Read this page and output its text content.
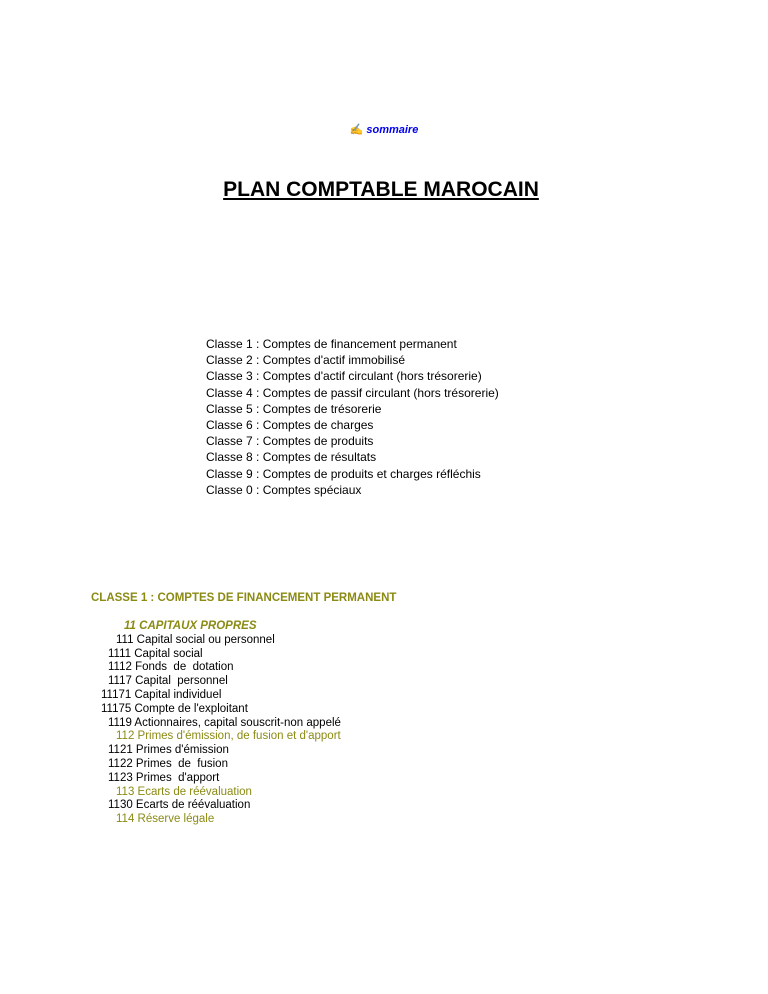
✍ sommaire
PLAN COMPTABLE MAROCAIN
Classe 1 : Comptes de financement permanent
Classe 2 : Comptes d'actif immobilisé
Classe 3 : Comptes d'actif circulant (hors trésorerie)
Classe 4 : Comptes de passif circulant (hors trésorerie)
Classe 5 : Comptes de trésorerie
Classe 6 : Comptes de charges
Classe 7 : Comptes de produits
Classe 8 : Comptes de résultats
Classe 9 : Comptes de produits et charges réfléchis
Classe 0 : Comptes spéciaux
CLASSE 1 : COMPTES DE FINANCEMENT PERMANENT
11 CAPITAUX PROPRES
111 Capital social ou personnel
1111 Capital social
1112 Fonds  de  dotation
1117 Capital  personnel
11171 Capital individuel
11175 Compte de l'exploitant
1119 Actionnaires, capital souscrit-non appelé
112 Primes d'émission, de fusion et d'apport
1121 Primes d'émission
1122 Primes  de  fusion
1123 Primes  d'apport
113 Ecarts de réévaluation
1130 Ecarts de réévaluation
114 Réserve légale
